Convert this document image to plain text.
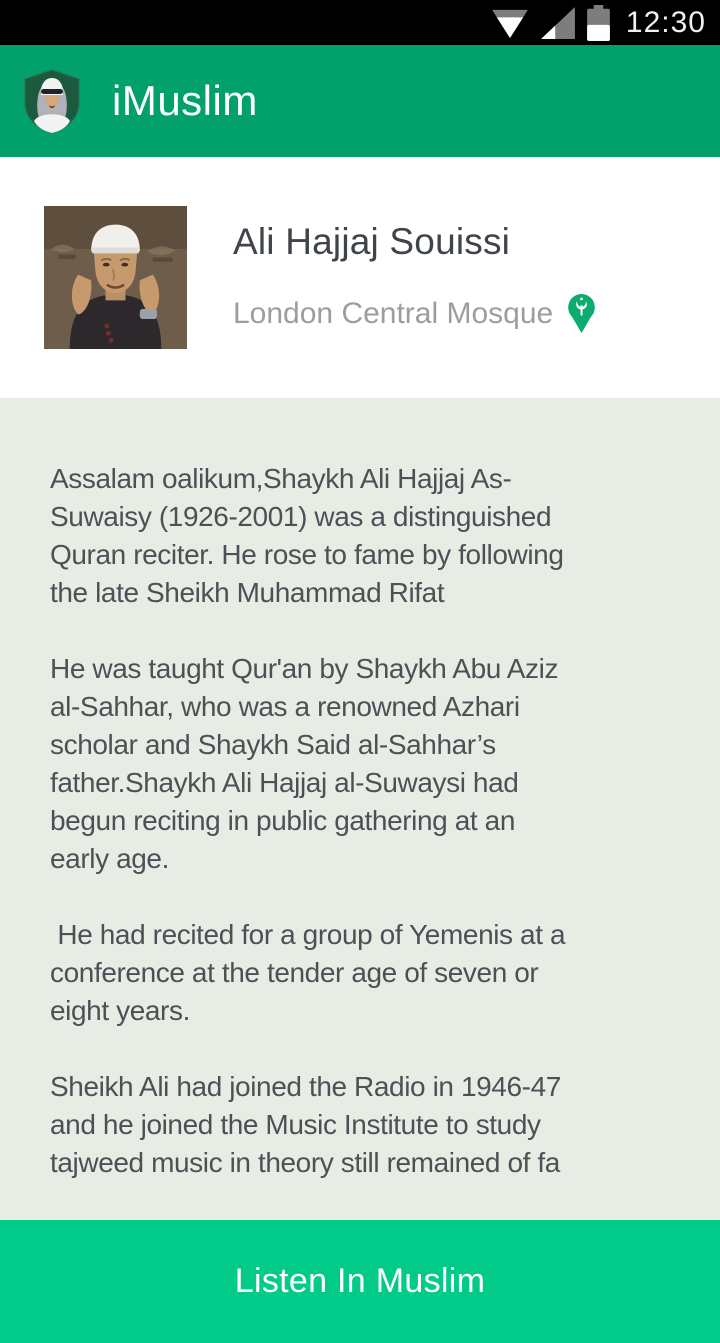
12:30
iMuslim
Ali Hajjaj Souissi
London Central Mosque

Assalam oalikum,Shaykh Ali Hajjaj As-
Suwaisy (1926-2001) was a distinguished
Quran reciter. He rose to fame by following
the late Sheikh Muhammad Rifat

He was taught Qur'an by Shaykh Abu Aziz
al-Sahhar, who was a renowned Azhari
scholar and Shaykh Said al-Sahhar’s
father.Shaykh Ali Hajjaj al-Suwaysi had
begun reciting in public gathering at an
early age.

He had recited for a group of Yemenis at a
conference at the tender age of seven or
eight years.

Sheikh Ali had joined the Radio in 1946-47
and he joined the Music Institute to study
tajweed music in theory still remained of fa

Listen In Muslim
